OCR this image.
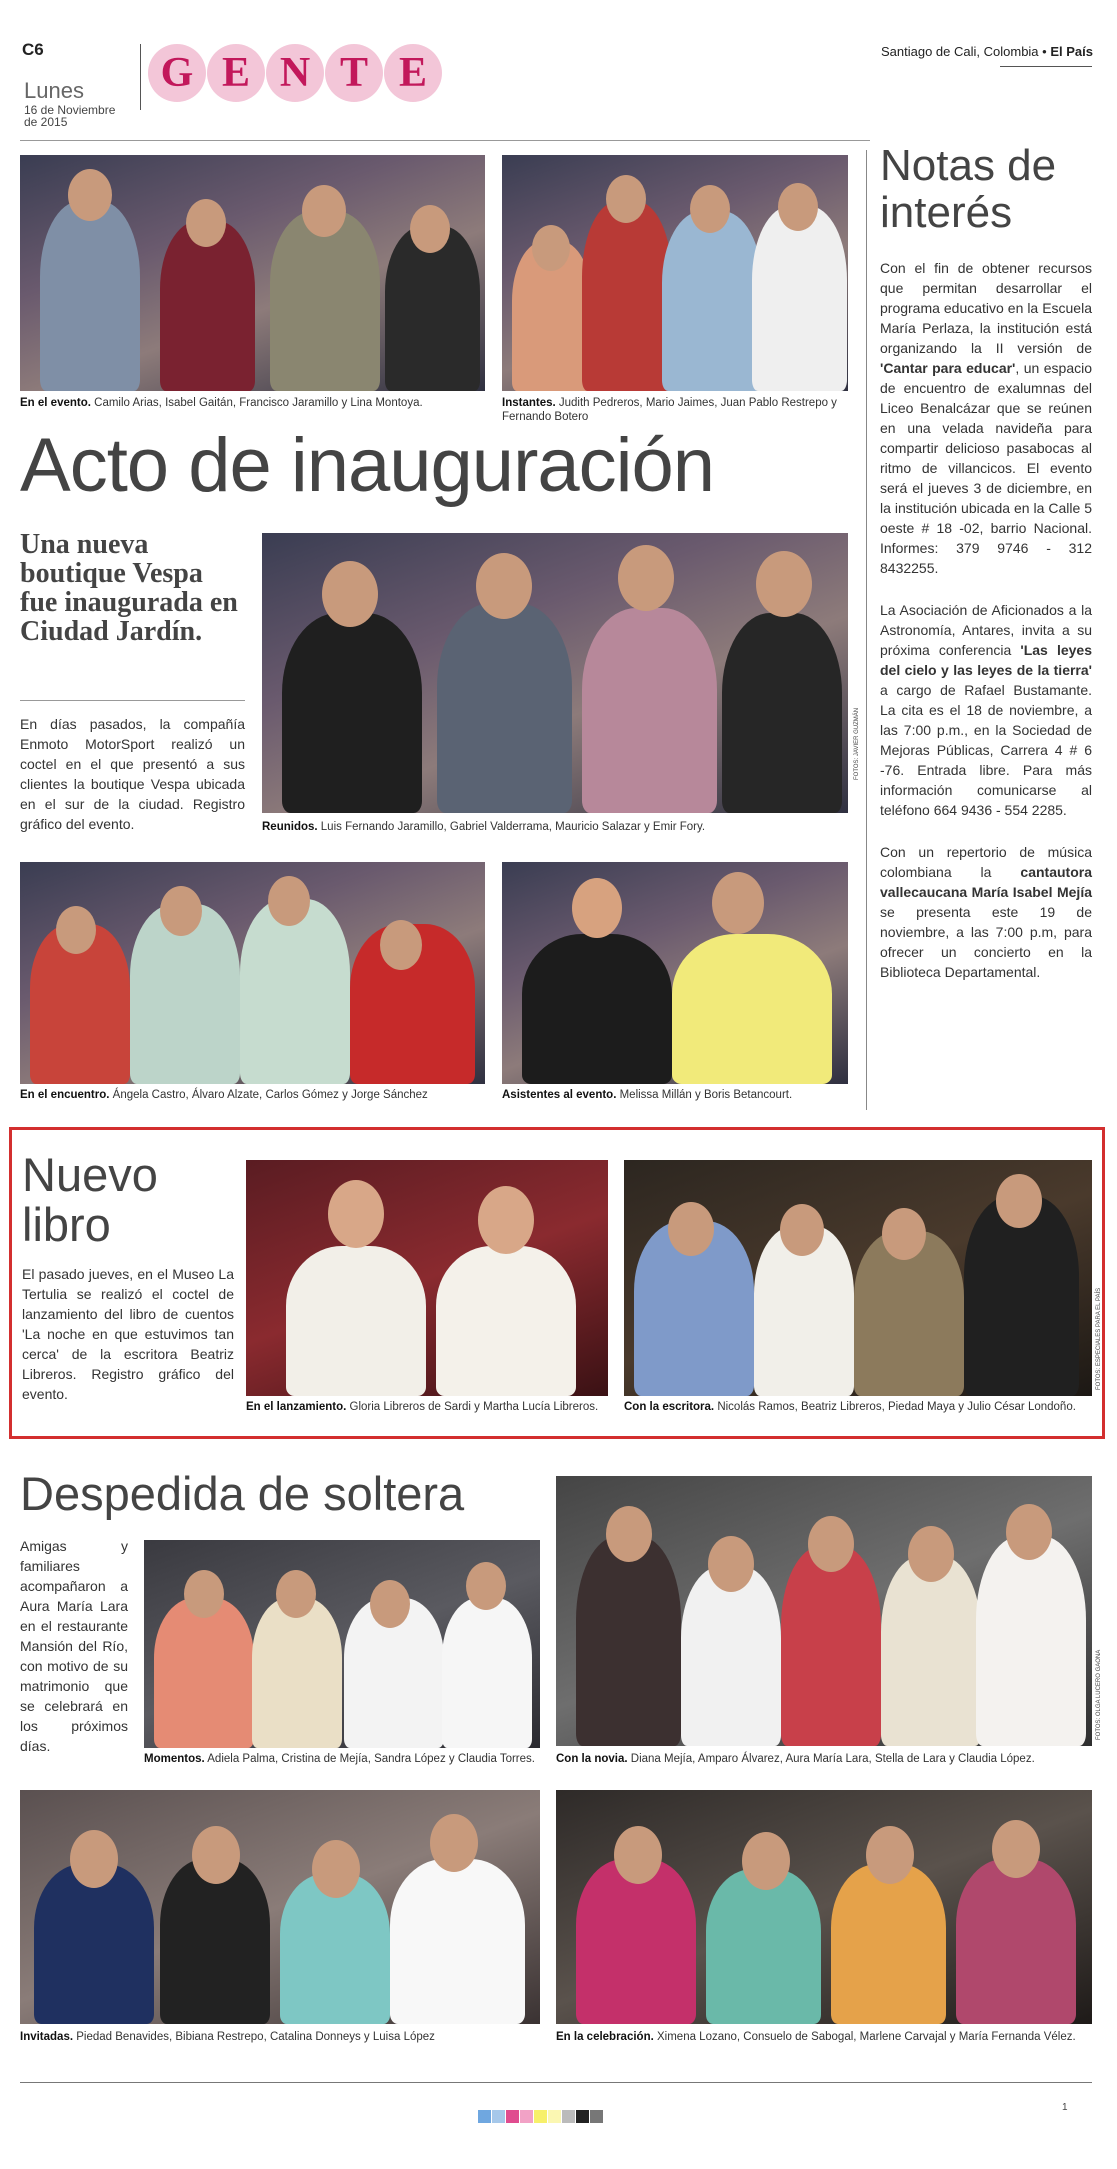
C6
Lunes
16 de Noviembre
de 2015
G E N T E	Santiago de Cali, Colombia • El País
En el evento. Camilo Arias, Isabel Gaitán, Francisco Jaramillo y Lina Montoya.	Instantes. Judith Pedreros, Mario Jaimes, Juan Pablo Restrepo y Fernando Botero
Acto de inauguración
Una nueva boutique Vespa fue inaugurada en Ciudad Jardín.
En días pasados, la compañía Enmoto MotorSport realizó un coctel en el que presentó a sus clientes la boutique Vespa ubicada en el sur de la ciudad. Registro gráfico del evento.
FOTOS: JAVIER GUZMÁN
Reunidos. Luis Fernando Jaramillo, Gabriel Valderrama, Mauricio Salazar y Emir Fory.
En el encuentro. Ángela Castro, Álvaro Alzate, Carlos Gómez y Jorge Sánchez	Asistentes al evento. Melissa Millán y Boris Betancourt.
Notas de interés

Con el fin de obtener recursos que permitan desarrollar el programa educativo en la Escuela María Perlaza, la institución está organizando la II versión de 'Cantar para educar', un espacio de encuentro de exalumnas del Liceo Benalcázar que se reúnen en una velada navideña para compartir delicioso pasabocas al ritmo de villancicos. El evento será el jueves 3 de diciembre, en la institución ubicada en la Calle 5 oeste # 18 -02, barrio Nacional. Informes: 379 9746 - 312 8432255.

La Asociación de Aficionados a la Astronomía, Antares, invita a su próxima conferencia 'Las leyes del cielo y las leyes de la tierra' a cargo de Rafael Bustamante. La cita es el 18 de noviembre, a las 7:00 p.m., en la Sociedad de Mejoras Públicas, Carrera 4 # 6 -76. Entrada libre. Para más información comunicarse al teléfono 664 9436 - 554 2285.

Con un repertorio de música colombiana la cantautora vallecaucana María Isabel Mejía se presenta este 19 de noviembre, a las 7:00 p.m, para ofrecer un concierto en la Biblioteca Departamental.

Nuevo libro
El pasado jueves, en el Museo La Tertulia se realizó el coctel de lanzamiento del libro de cuentos 'La noche en que estuvimos tan cerca' de la escritora Beatriz Libreros. Registro gráfico del evento.
En el lanzamiento. Gloria Libreros de Sardi y Martha Lucía Libreros.
FOTOS: ESPECIALES PARA EL PAÍS
Con la escritora. Nicolás Ramos, Beatriz Libreros, Piedad Maya y Julio César Londoño.
Despedida de soltera
Amigas y familiares acompañaron a Aura María Lara en el restaurante Mansión del Río, con motivo de su matrimonio que se celebrará en los próximos días.
Momentos. Adiela Palma, Cristina de Mejía, Sandra López y Claudia Torres.
FOTOS: OLGA LUCERO GAONA
Con la novia. Diana Mejía, Amparo Álvarez, Aura María Lara, Stella de Lara y Claudia López.
Invitadas. Piedad Benavides, Bibiana Restrepo, Catalina Donneys y Luisa López	En la celebración. Ximena Lozano, Consuelo de Sabogal, Marlene Carvajal y María Fernanda Vélez.
1
